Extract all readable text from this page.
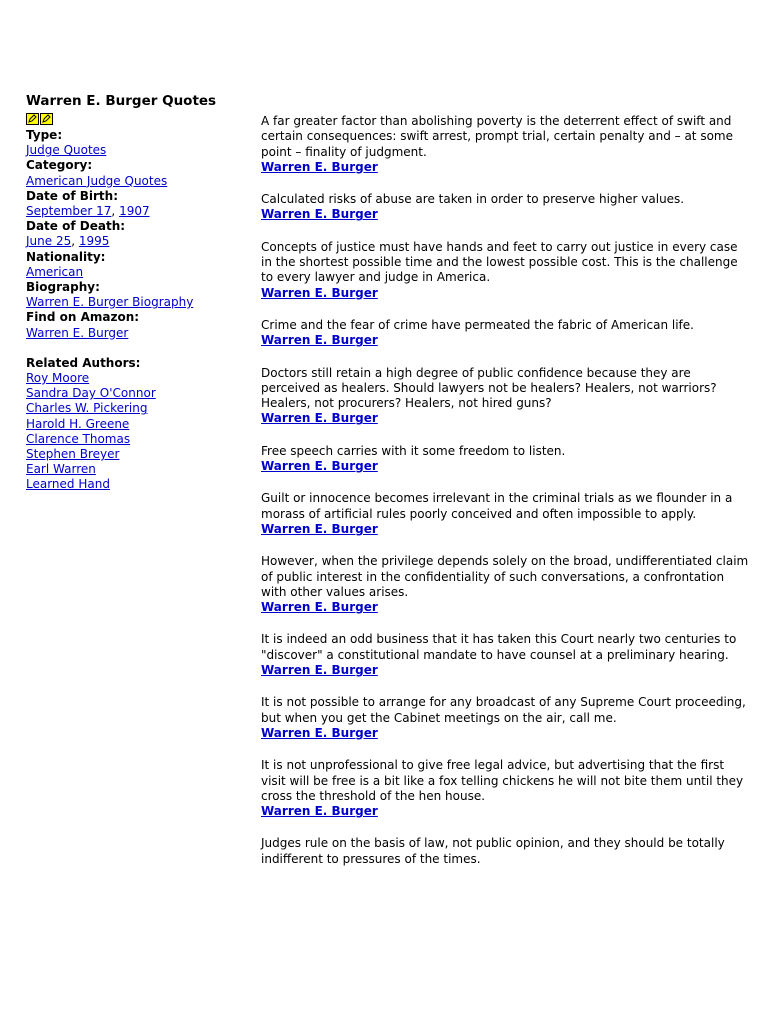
Warren E. Burger Quotes
Type:
Judge Quotes
Category:
American Judge Quotes
Date of Birth:
September 17, 1907
Date of Death:
June 25, 1995
Nationality:
American
Biography:
Warren E. Burger Biography
Find on Amazon:
Warren E. Burger
Related Authors:
Roy Moore
Sandra Day O'Connor
Charles W. Pickering
Harold H. Greene
Clarence Thomas
Stephen Breyer
Earl Warren
Learned Hand
A far greater factor than abolishing poverty is the deterrent effect of swift and certain consequences: swift arrest, prompt trial, certain penalty and – at some point – finality of judgment.
Warren E. Burger
Calculated risks of abuse are taken in order to preserve higher values.
Warren E. Burger
Concepts of justice must have hands and feet to carry out justice in every case in the shortest possible time and the lowest possible cost. This is the challenge to every lawyer and judge in America.
Warren E. Burger
Crime and the fear of crime have permeated the fabric of American life.
Warren E. Burger
Doctors still retain a high degree of public confidence because they are perceived as healers. Should lawyers not be healers? Healers, not warriors? Healers, not procurers? Healers, not hired guns?
Warren E. Burger
Free speech carries with it some freedom to listen.
Warren E. Burger
Guilt or innocence becomes irrelevant in the criminal trials as we flounder in a morass of artificial rules poorly conceived and often impossible to apply.
Warren E. Burger
However, when the privilege depends solely on the broad, undifferentiated claim of public interest in the confidentiality of such conversations, a confrontation with other values arises.
Warren E. Burger
It is indeed an odd business that it has taken this Court nearly two centuries to "discover" a constitutional mandate to have counsel at a preliminary hearing.
Warren E. Burger
It is not possible to arrange for any broadcast of any Supreme Court proceeding, but when you get the Cabinet meetings on the air, call me.
Warren E. Burger
It is not unprofessional to give free legal advice, but advertising that the first visit will be free is a bit like a fox telling chickens he will not bite them until they cross the threshold of the hen house.
Warren E. Burger
Judges rule on the basis of law, not public opinion, and they should be totally indifferent to pressures of the times.
